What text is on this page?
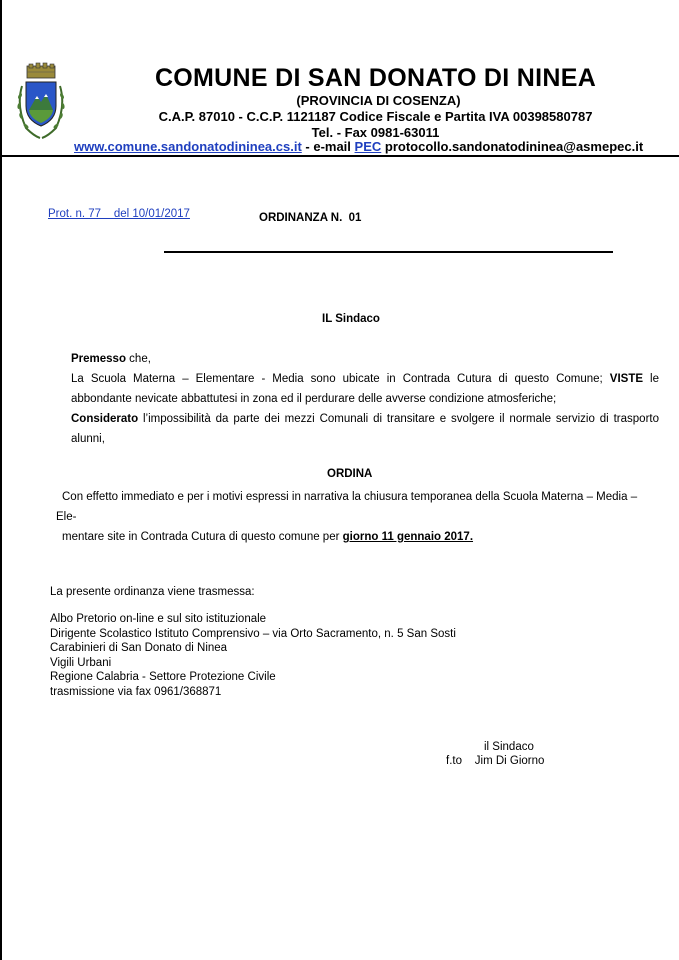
COMUNE DI SAN DONATO DI NINEA
(PROVINCIA DI COSENZA)
C.A.P. 87010 - C.C.P. 1121187 Codice Fiscale e Partita IVA 00398580787
Tel. - Fax 0981-63011
www.comune.sandonatodininea.cs.it - e-mail PEC protocollo.sandonatodininea@asmepec.it
Prot. n. 77    del 10/01/2017	ORDINANZA N.  01
IL Sindaco

Premesso che,

La Scuola Materna – Elementare - Media sono ubicate in Contrada Cutura di questo Comune; VISTE le abbondante nevicate abbattutesi in zona ed il perdurare delle avverse condizione atmosferiche;

Considerato l’impossibilità da parte dei mezzi Comunali di transitare e svolgere il normale servizio di trasporto alunni,

ORDINA

Con effetto immediato e per i motivi espressi in narrativa la chiusura temporanea della Scuola Materna – Media – Ele-

mentare site in Contrada Cutura di questo comune per giorno 11 gennaio 2017.

La presente ordinanza viene trasmessa:
Albo Pretorio on-line e sul sito istituzionale
Dirigente Scolastico Istituto Comprensivo – via Orto Sacramento, n. 5 San Sosti
Carabinieri di San Donato di Ninea
Vigili Urbani
Regione Calabria - Settore Protezione Civile
trasmissione via fax 0961/368871
il Sindaco
f.to    Jim Di Giorno
